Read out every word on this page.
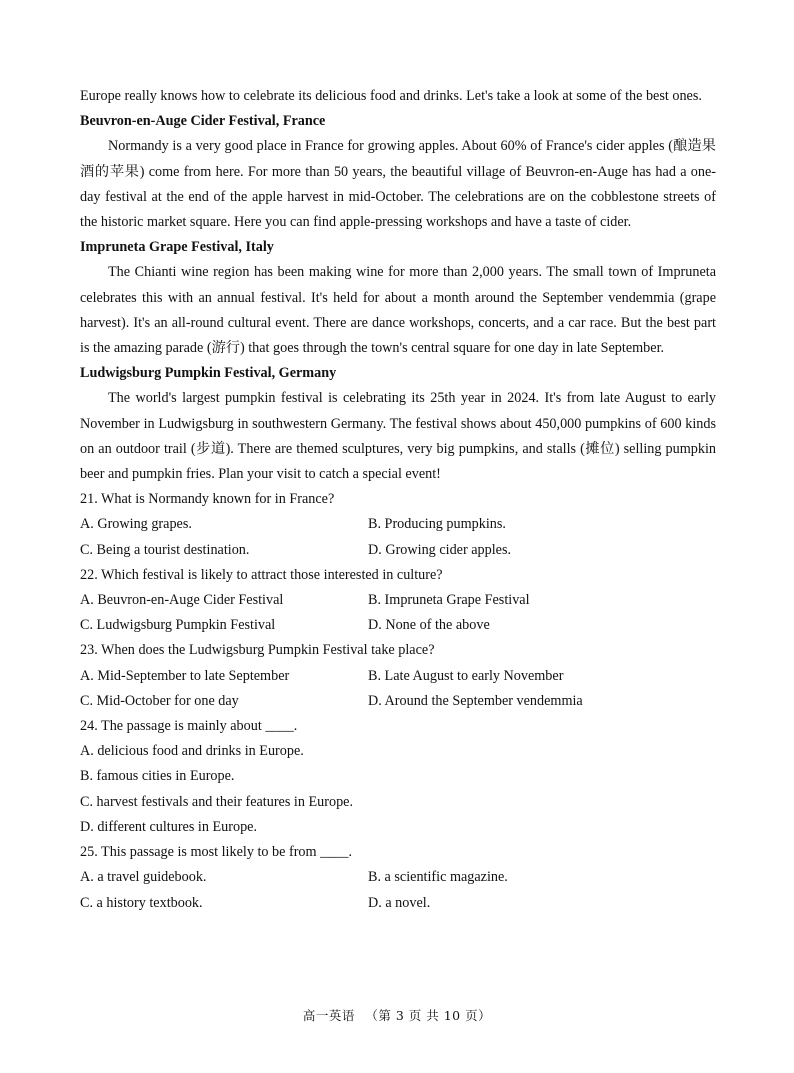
Europe really knows how to celebrate its delicious food and drinks. Let's take a look at some of the best ones.

Beuvron-en-Auge Cider Festival, France

Normandy is a very good place in France for growing apples. About 60% of France's cider apples (酿造果酒的苹果) come from here. For more than 50 years, the beautiful village of Beuvron-en-Auge has had a one-day festival at the end of the apple harvest in mid-October. The celebrations are on the cobblestone streets of the historic market square. Here you can find apple-pressing workshops and have a taste of cider.

Impruneta Grape Festival, Italy

The Chianti wine region has been making wine for more than 2,000 years. The small town of Impruneta celebrates this with an annual festival. It's held for about a month around the September vendemmia (grape harvest). It's an all-round cultural event. There are dance workshops, concerts, and a car race. But the best part is the amazing parade (游行) that goes through the town's central square for one day in late September.

Ludwigsburg Pumpkin Festival, Germany

The world's largest pumpkin festival is celebrating its 25th year in 2024. It's from late August to early November in Ludwigsburg in southwestern Germany. The festival shows about 450,000 pumpkins of 600 kinds on an outdoor trail (步道). There are themed sculptures, very big pumpkins, and stalls (摊位) selling pumpkin beer and pumpkin fries. Plan your visit to catch a special event!

21. What is Normandy known for in France?
A. Growing grapes.	B. Producing pumpkins.
C. Being a tourist destination.	D. Growing cider apples.
22. Which festival is likely to attract those interested in culture?
A. Beuvron-en-Auge Cider Festival	B. Impruneta Grape Festival
C. Ludwigsburg Pumpkin Festival	D. None of the above
23. When does the Ludwigsburg Pumpkin Festival take place?
A. Mid-September to late September	B. Late August to early November
C. Mid-October for one day	D. Around the September vendemmia
24. The passage is mainly about ____.
A. delicious food and drinks in Europe.
B. famous cities in Europe.
C. harvest festivals and their features in Europe.
D. different cultures in Europe.
25. This passage is most likely to be from ____.
A. a travel guidebook.	B. a scientific magazine.
C. a history textbook.	D. a novel.
高一英语 （第 3 页 共 10 页）
